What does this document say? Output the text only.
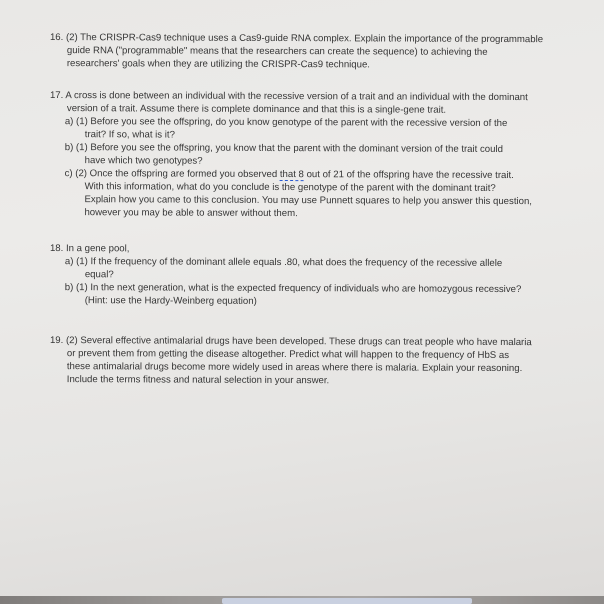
16. (2) The CRISPR-Cas9 technique uses a Cas9-guide RNA complex. Explain the importance of the programmable

guide RNA ("programmable" means that the researchers can create the sequence) to achieving the

researchers' goals when they are utilizing the CRISPR-Cas9 technique.

17. A cross is done between an individual with the recessive version of a trait and an individual with the dominant

version of a trait. Assume there is complete dominance and that this is a single-gene trait.

a) (1) Before you see the offspring, do you know genotype of the parent with the recessive version of the

trait? If so, what is it?

b) (1) Before you see the offspring, you know that the parent with the dominant version of the trait could

have which two genotypes?

c) (2) Once the offspring are formed you observed that 8 out of 21 of the offspring have the recessive trait.

With this information, what do you conclude is the genotype of the parent with the dominant trait?

Explain how you came to this conclusion. You may use Punnett squares to help you answer this question,

however you may be able to answer without them.

18. In a gene pool,

a) (1) If the frequency of the dominant allele equals .80, what does the frequency of the recessive allele

equal?

b) (1) In the next generation, what is the expected frequency of individuals who are homozygous recessive?

(Hint: use the Hardy-Weinberg equation)

19. (2) Several effective antimalarial drugs have been developed. These drugs can treat people who have malaria

or prevent them from getting the disease altogether. Predict what will happen to the frequency of HbS as

these antimalarial drugs become more widely used in areas where there is malaria. Explain your reasoning.

Include the terms fitness and natural selection in your answer.
